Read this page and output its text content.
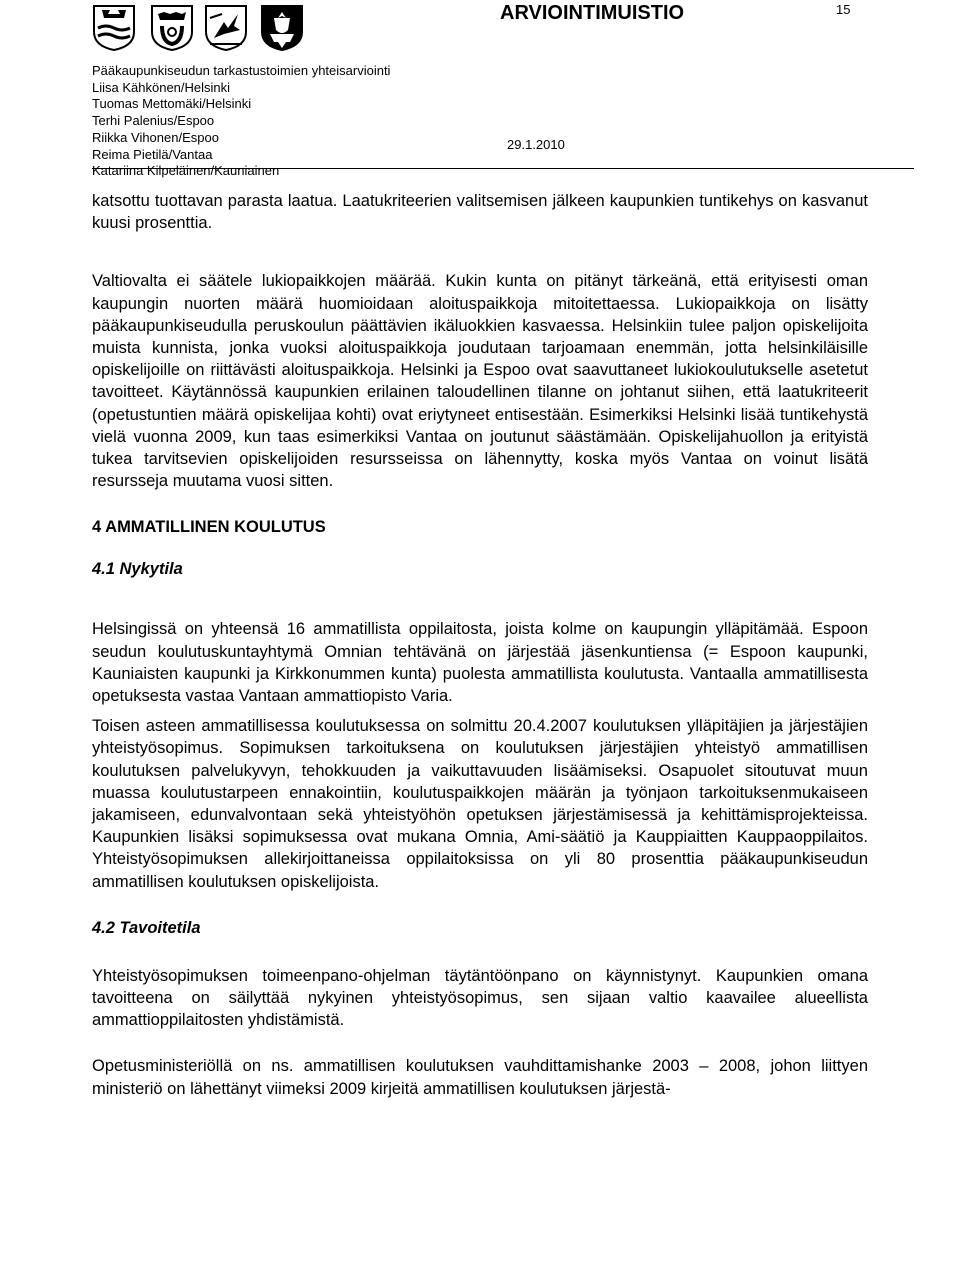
ARVIOINTIMUISTIO	15
Pääkaupunkiseudun tarkastustoimien yhteisarviointi
Liisa Kähkönen/Helsinki
Tuomas Mettomäki/Helsinki
Terhi Palenius/Espoo
Riikka Vihonen/Espoo
Reima Pietilä/Vantaa
Katariina Kilpeläinen/Kauniainen
29.1.2010

katsottu tuottavan parasta laatua. Laatukriteerien valitsemisen jälkeen kaupunkien tuntikehys on kasvanut kuusi prosenttia.

Valtiovalta ei säätele lukiopaikkojen määrää. Kukin kunta on pitänyt tärkeänä, että erityisesti oman kaupungin nuorten määrä huomioidaan aloituspaikkoja mitoitettaessa. Lukiopaikkoja on lisätty pääkaupunkiseudulla peruskoulun päättävien ikäluokkien kasvaessa. Helsinkiin tulee paljon opiskelijoita muista kunnista, jonka vuoksi aloituspaikkoja joudutaan tarjoamaan enemmän, jotta helsinkiläisille opiskelijoille on riittävästi aloituspaikkoja. Helsinki ja Espoo ovat saavuttaneet lukiokoulutukselle asetetut tavoitteet. Käytännössä kaupunkien erilainen taloudellinen tilanne on johtanut siihen, että laatukriteerit (opetustuntien määrä opiskelijaa kohti) ovat eriytyneet entisestään. Esimerkiksi Helsinki lisää tuntikehystä vielä vuonna 2009, kun taas esimerkiksi Vantaa on joutunut säästämään. Opiskelijahuollon ja erityistä tukea tarvitsevien opiskelijoiden resursseissa on lähennytty, koska myös Vantaa on voinut lisätä resursseja muutama vuosi sitten.

4 AMMATILLINEN KOULUTUS
4.1 Nykytila

Helsingissä on yhteensä 16 ammatillista oppilaitosta, joista kolme on kaupungin ylläpitämää. Espoon seudun koulutuskuntayhtymä Omnian tehtävänä on järjestää jäsenkuntiensa (= Espoon kaupunki, Kauniaisten kaupunki ja Kirkkonummen kunta) puolesta ammatillista koulutusta. Vantaalla ammatillisesta opetuksesta vastaa Vantaan ammattiopisto Varia.

Toisen asteen ammatillisessa koulutuksessa on solmittu 20.4.2007 koulutuksen ylläpitäjien ja järjestäjien yhteistyösopimus. Sopimuksen tarkoituksena on koulutuksen järjestäjien yhteistyö ammatillisen koulutuksen palvelukyvyn, tehokkuuden ja vaikuttavuuden lisäämiseksi. Osapuolet sitoutuvat muun muassa koulutustarpeen ennakointiin, koulutuspaikkojen määrän ja työnjaon tarkoituksenmukaiseen jakamiseen, edunvalvontaan sekä yhteistyöhön opetuksen järjestämisessä ja kehittämisprojekteissa. Kaupunkien lisäksi sopimuksessa ovat mukana Omnia, Ami-säätiö ja Kauppiaitten Kauppaoppilaitos. Yhteistyösopimuksen allekirjoittaneissa oppilaitoksissa on yli 80 prosenttia pääkaupunkiseudun ammatillisen koulutuksen opiskelijoista.

4.2 Tavoitetila

Yhteistyösopimuksen toimeenpano-ohjelman täytäntöönpano on käynnistynyt. Kaupunkien omana tavoitteena on säilyttää nykyinen yhteistyösopimus, sen sijaan valtio kaavailee alueellista ammattioppilaitosten yhdistämistä.

Opetusministeriöllä on ns. ammatillisen koulutuksen vauhdittamishanke 2003 – 2008, johon liittyen ministeriö on lähettänyt viimeksi 2009 kirjeitä ammatillisen koulutuksen järjestä-
